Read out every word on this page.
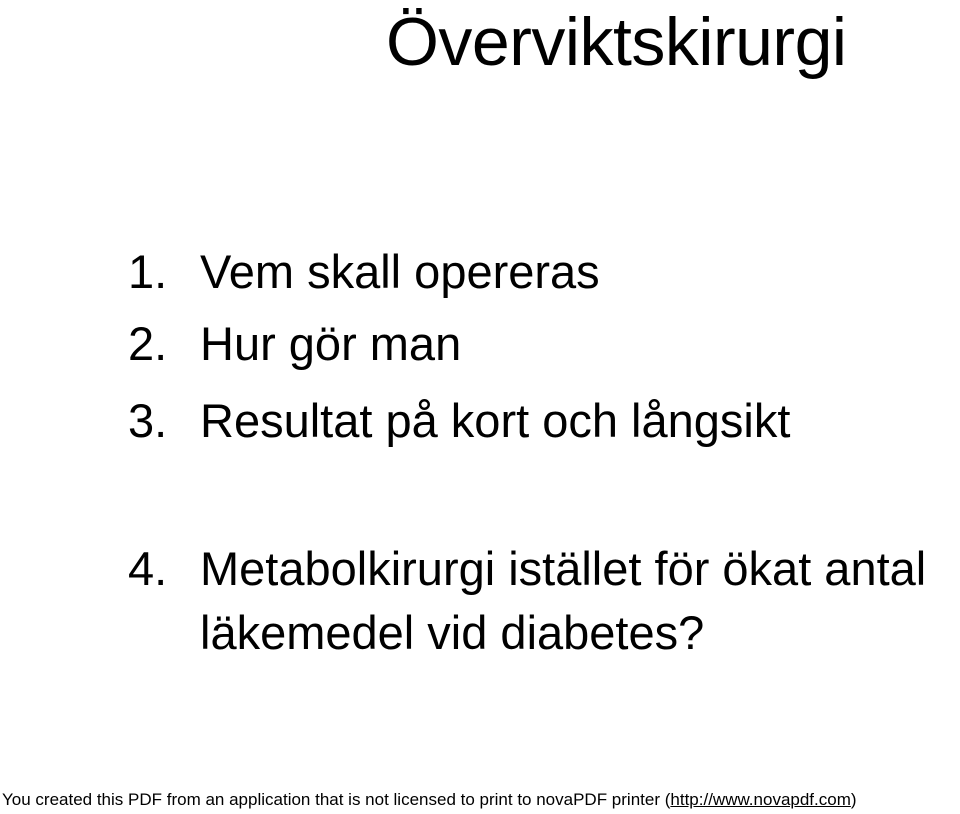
Överviktskirurgi
1. Vem skall opereras
2. Hur gör man
3. Resultat på kort och långsikt
4. Metabolkirurgi istället för ökat antal
läkemedel vid diabetes?
You created this PDF from an application that is not licensed to print to novaPDF printer (http://www.novapdf.com)
